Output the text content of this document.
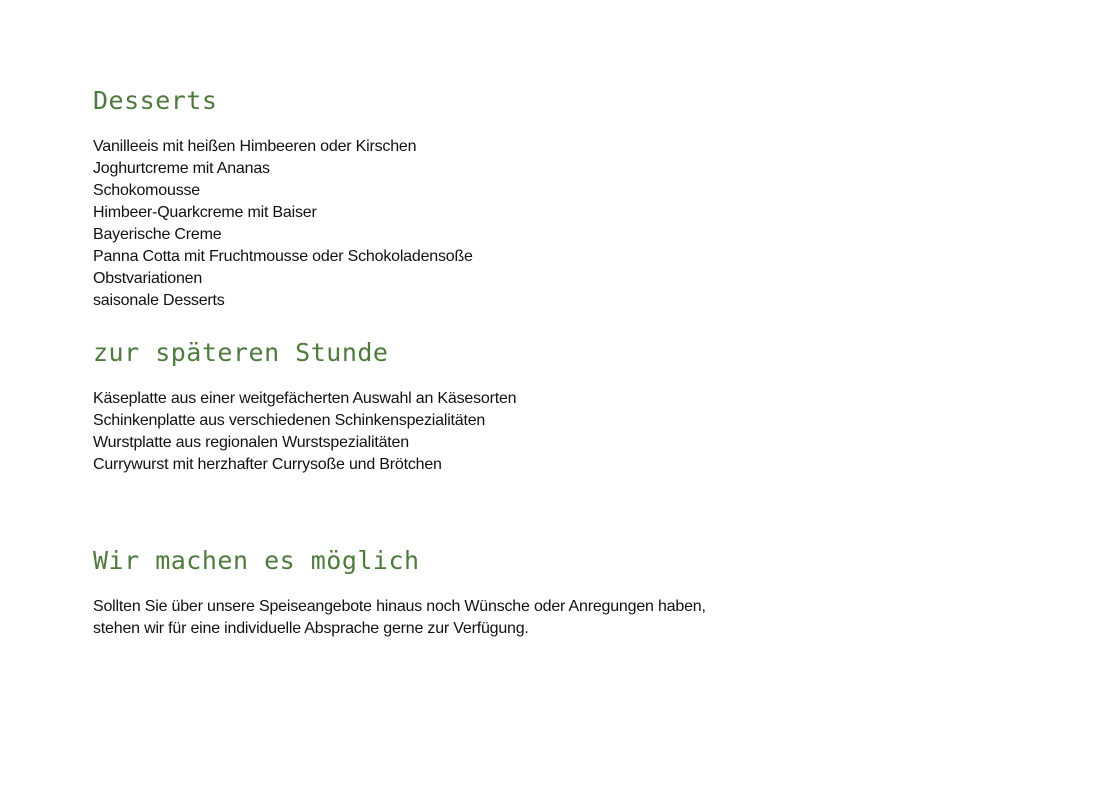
Desserts
Vanilleeis mit heißen Himbeeren oder Kirschen
Joghurtcreme mit Ananas
Schokomousse
Himbeer-Quarkcreme mit Baiser
Bayerische Creme
Panna Cotta mit Fruchtmousse oder Schokoladensoße
Obstvariationen
saisonale Desserts
zur späteren Stunde
Käseplatte aus einer weitgefächerten Auswahl an Käsesorten
Schinkenplatte aus verschiedenen Schinkenspezialitäten
Wurstplatte aus regionalen Wurstspezialitäten
Currywurst mit herzhafter Currysoße und Brötchen
Wir machen es möglich

Sollten Sie über unsere Speiseangebote hinaus noch Wünsche oder Anregungen haben,
stehen wir für eine individuelle Absprache gerne zur Verfügung.
